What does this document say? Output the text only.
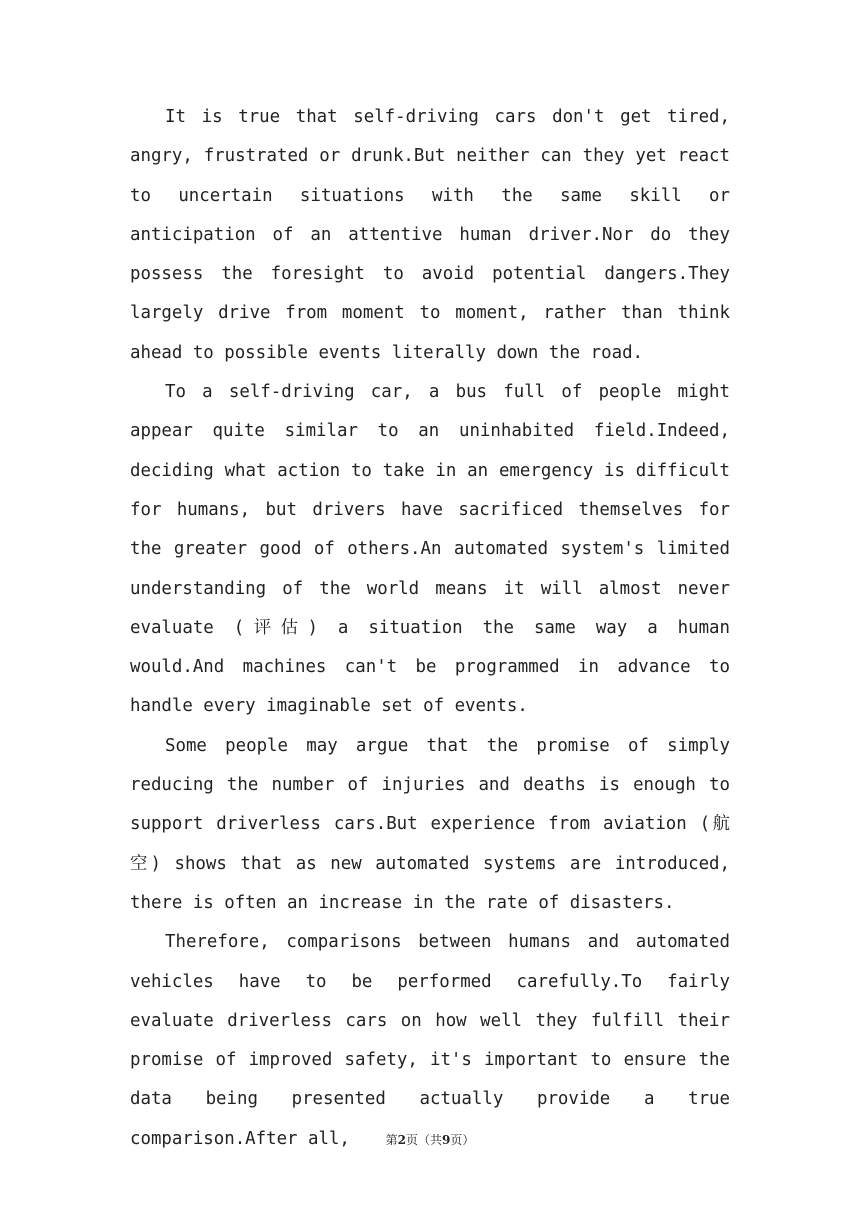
It is true that self-driving cars don't get tired, angry, frustrated or drunk.But neither can they yet react to uncertain situations with the same skill or anticipation of an attentive human driver.Nor do they possess the foresight to avoid potential dangers.They largely drive from moment to moment, rather than think ahead to possible events literally down the road.

To a self-driving car, a bus full of people might appear quite similar to an uninhabited field.Indeed, deciding what action to take in an emergency is difficult for humans, but drivers have sacrificed themselves for the greater good of others.An automated system's limited understanding of the world means it will almost never evaluate (评估) a situation the same way a human would.And machines can't be programmed in advance to handle every imaginable set of events.

Some people may argue that the promise of simply reducing the number of injuries and deaths is enough to support driverless cars.But experience from aviation (航空) shows that as new automated systems are introduced, there is often an increase in the rate of disasters.

Therefore, comparisons between humans and automated vehicles have to be performed carefully.To fairly evaluate driverless cars on how well they fulfill their promise of improved safety, it's important to ensure the data being presented actually provide a true comparison.After all,	第2页（共9页）
